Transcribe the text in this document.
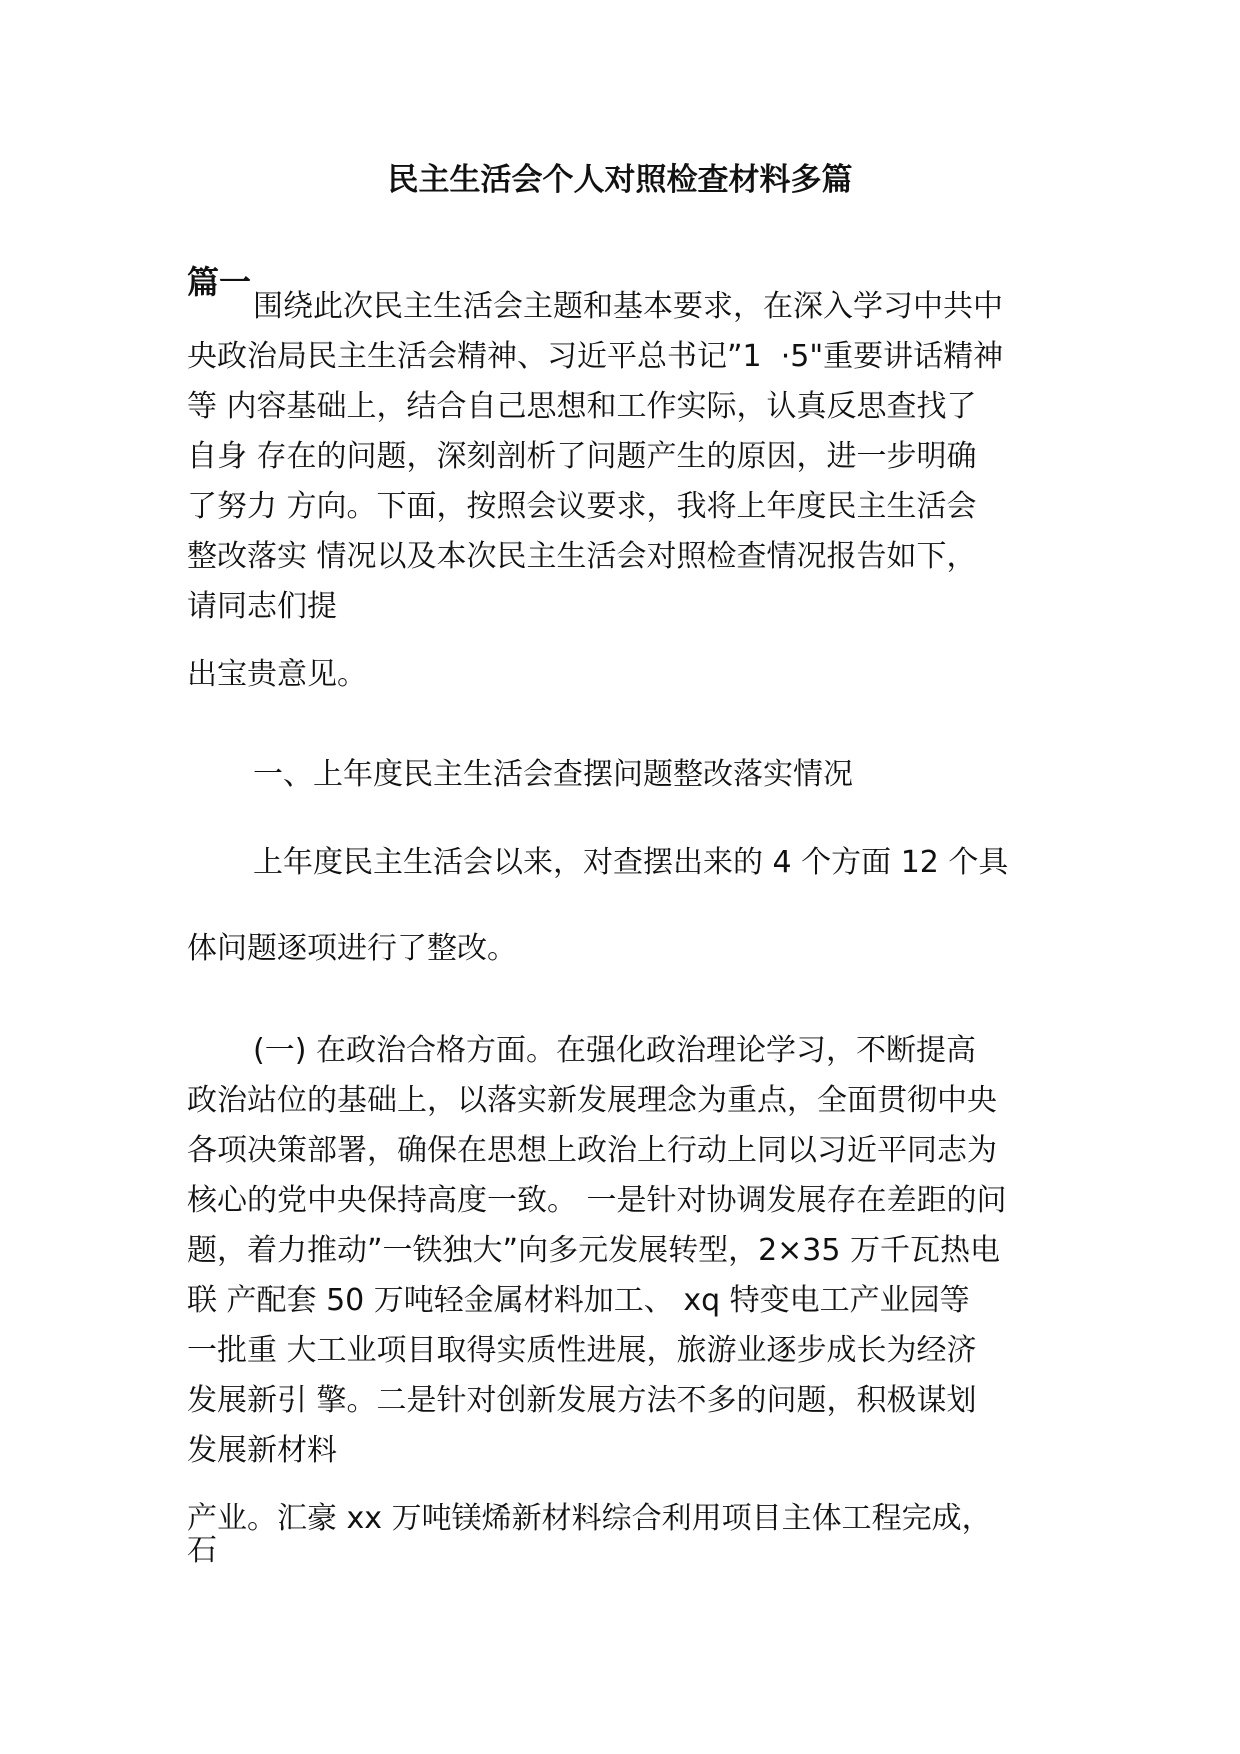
民主生活会个人对照检查材料多篇
篇一
围绕此次民主生活会主题和基本要求，在深入学习中共中
央政治局民主生活会精神、习近平总书记”1  ·5"重要讲话精神
等 内容基础上，结合自己思想和工作实际，认真反思查找了
自身 存在的问题，深刻剖析了问题产生的原因，进一步明确
了努力 方向。下面，按照会议要求，我将上年度民主生活会
整改落实 情况以及本次民主生活会对照检查情况报告如下，
请同志们提
出宝贵意见。
一、上年度民主生活会查摆问题整改落实情况
上年度民主生活会以来，对查摆出来的 4 个方面 12 个具
体问题逐项进行了整改。
(一) 在政治合格方面。在强化政治理论学习，不断提高
政治站位的基础上，以落实新发展理念为重点，全面贯彻中央
各项决策部署，确保在思想上政治上行动上同以习近平同志为
核心的党中央保持高度一致。 一是针对协调发展存在差距的问
题，着力推动”一铁独大”向多元发展转型，2×35 万千瓦热电
联 产配套 50 万吨轻金属材料加工、 xq 特变电工产业园等
一批重 大工业项目取得实质性进展，旅游业逐步成长为经济
发展新引 擎。二是针对创新发展方法不多的问题，积极谋划
发展新材料
产业。汇豪 xx 万吨镁烯新材料综合利用项目主体工程完成，
石
